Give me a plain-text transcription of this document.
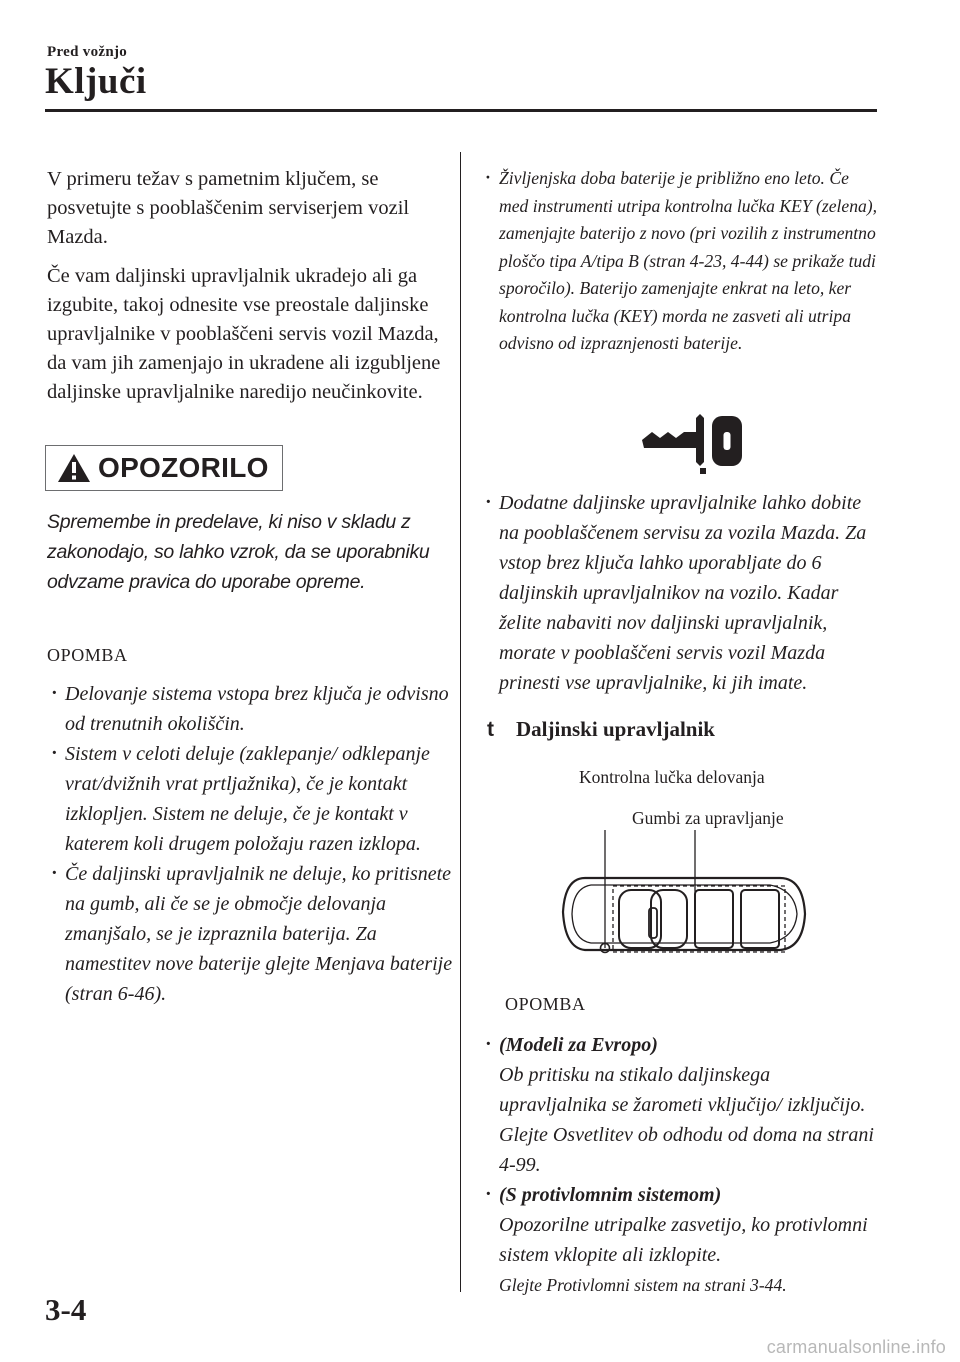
Pred vožnjo
Ključi
V primeru težav s pametnim ključem, se posvetujte s pooblaščenim serviserjem vozil Mazda.
Če vam daljinski upravljalnik ukradejo ali ga izgubite, takoj odnesite vse preostale daljinske upravljalnike v pooblaščeni servis vozil Mazda, da vam jih zamenjajo in ukradene ali izgubljene daljinske upravljalnike naredijo neučinkovite.
OPOZORILO
Spremembe in predelave, ki niso v skladu z zakonodajo, so lahko vzrok, da se uporabniku odvzame pravica do uporabe opreme.
OPOMBA
· Delovanje sistema vstopa brez ključa je odvisno od trenutnih okoliščin.
· Sistem v celoti deluje (zaklepanje/ odklepanje vrat/dvižnih vrat prtljažnika), če je kontakt izklopljen. Sistem ne deluje, če je kontakt v katerem koli drugem položaju razen izklopa.
· Če daljinski upravljalnik ne deluje, ko pritisnete na gumb, ali če se je območje delovanja zmanjšalo, se je izpraznila baterija. Za namestitev nove baterije glejte Menjava baterije (stran 6-46).
· Življenjska doba baterije je približno eno leto. Če med instrumenti utripa kontrolna lučka KEY (zelena), zamenjajte baterijo z novo (pri vozilih z instrumentno ploščo tipa A/tipa B (stran 4-23, 4-44) se prikaže tudi sporočilo). Baterijo zamenjajte enkrat na leto, ker kontrolna lučka (KEY) morda ne zasveti ali utripa odvisno od izpraznjenosti baterije.
· Dodatne daljinske upravljalnike lahko dobite na pooblaščenem servisu za vozila Mazda. Za vstop brez ključa lahko uporabljate do 6 daljinskih upravljalnikov na vozilo. Kadar želite nabaviti nov daljinski upravljalnik, morate v pooblaščeni servis vozil Mazda prinesti vse upravljalnike, ki jih imate.
t Daljinski upravljalnik
Kontrolna lučka delovanja
Gumbi za upravljanje
OPOMBA
· (Modeli za Evropo)
Ob pritisku na stikalo daljinskega upravljalnika se žarometi vključijo/ izključijo. Glejte Osvetlitev ob odhodu od doma na strani 4-99.
· (S protivlomnim sistemom)
Opozorilne utripalke zasvetijo, ko protivlomni sistem vklopite ali izklopite.
Glejte Protivlomni sistem na strani 3-44.
3-4
carmanualsonline.info
